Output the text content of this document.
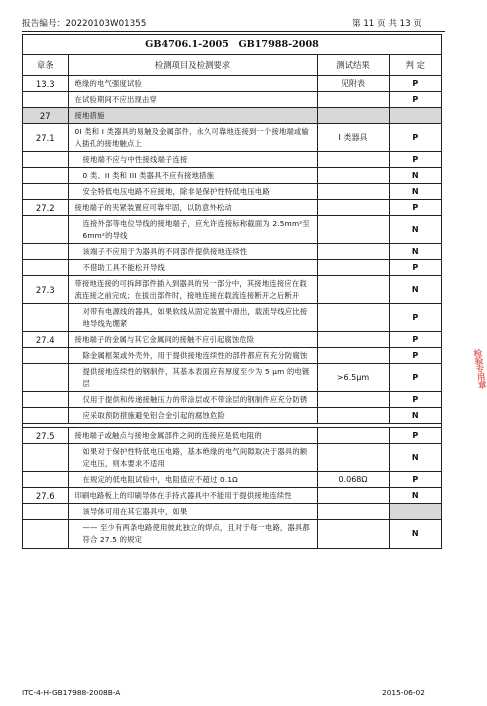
报告编号：20220103W01355	第 11 页 共 13 页
GB4706.1-2005　GB17988-2008
章条	检测项目及检测要求	测试结果	判 定
13.3	绝缘的电气强度试验	见附表	P
	在试验期间不应出现击穿		P
27	接地措施		
27.1	0I 类和 I 类器具的易触及金属部件，永久可靠地连接到一个接地端或输入插孔的接地触点上	I 类器具	P
	接地端不应与中性接线端子连接		P
	0 类、II 类和 III 类器具不应有接地措施		N
	安全特低电压电路不应接地，除非是保护性特低电压电路		N
27.2	接地端子的夹紧装置应可靠牢固，以防意外松动		P
	连接外部等电位导线的接地端子，应允许连接标称截面为 2.5mm²至 6mm²的导线		N
	该端子不应用于为器具的不同部件提供接地连续性		N
	不借助工具不能松开导线		P
27.3	带接地连接的可拆卸部件插入到器具的另一部分中，其接地连接应在载流连接之前完成；在拔出部件时，接地连接在载流连接断开之后断开		N
	对带有电源线的器具，如果软线从固定装置中滑出，载流导线应比接地导线先绷紧		P
27.4	接地端子的金属与其它金属间的接触不应引起腐蚀危险		P
	除金属框架或外壳外，用于提供接地连续性的部件都应有充分防腐蚀		P
	提供接地连续性的钢制件，其基本表面应有厚度至少为 5 μm 的电镀层	>6.5μm	P
	仅用于提供和传递接触压力的带涂层或不带涂层的钢制件应充分防锈		P
	应采取预防措施避免铝合金引起的腐蚀危险		N

27.5	接地端子或触点与接地金属部件之间的连接应是低电阻的		P
	如果对于保护性特低电压电路，基本绝缘的电气间隙取决于器具的额定电压，则本要求不适用		N
	在规定的低电阻试验中，电阻值应不超过 0.1Ω	0.068Ω	P
27.6	印刷电路板上的印刷导体在手持式器具中不能用于提供接地连续性		N
	该导体可用在其它器具中，如果		
	—— 至少有两条电路使用彼此独立的焊点，且对于每一电路，器具都符合 27.5 的规定		N
检验专用章
ITC-4-H-GB17988-2008B-A	2015-06-02
